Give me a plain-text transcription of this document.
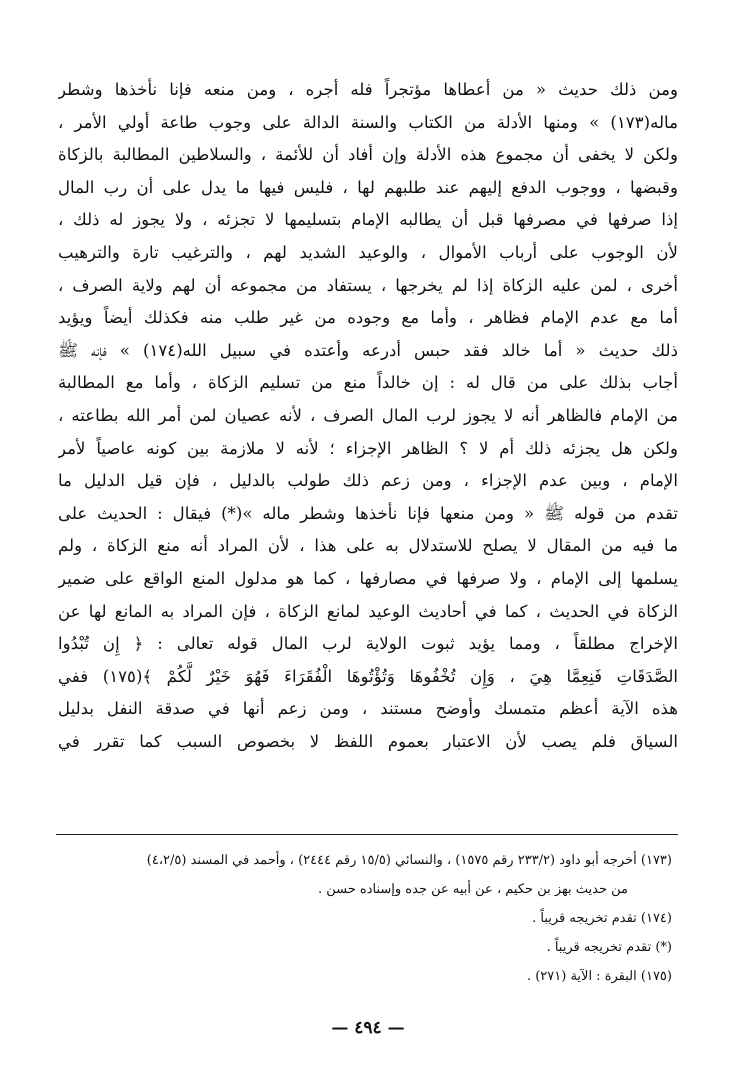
ومن ذلك حديث « من أعطاها مؤتجراً فله أجره ، ومن منعه فإنا نأخذها وشطر
ماله(١٧٣) » ومنها الأدلة من الكتاب والسنة الدالة على وجوب طاعة أولي الأمر ،
ولكن لا يخفى أن مجموع هذه الأدلة وإن أفاد أن للأئمة ، والسلاطين المطالبة بالزكاة
وقبضها ، ووجوب الدفع إليهم عند طلبهم لها ، فليس فيها ما يدل على أن رب المال
إذا صرفها في مصرفها قبل أن يطالبه الإمام بتسليمها لا تجزئه ، ولا يجوز له ذلك ،
لأن الوجوب على أرباب الأموال ، والوعيد الشديد لهم ، والترغيب تارة والترهيب
أخرى ، لمن عليه الزكاة إذا لم يخرجها ، يستفاد من مجموعه أن لهم ولاية الصرف ،
أما مع عدم الإمام فظاهر ، وأما مع وجوده من غير طلب منه فكذلك أيضاً ويؤيد
ذلك حديث « أما خالد فقد حبس أدرعه وأعتده في سبيل الله(١٧٤) » فإنه ﷺ
أجاب بذلك على من قال له : إن خالداً منع من تسليم الزكاة ، وأما مع المطالبة
من الإمام فالظاهر أنه لا يجوز لرب المال الصرف ، لأنه عصيان لمن أمر الله بطاعته ،
ولكن هل يجزئه ذلك أم لا ؟ الظاهر الإجزاء ؛ لأنه لا ملازمة بين كونه عاصياً لأمر
الإمام ، وبين عدم الإجزاء ، ومن زعم ذلك طولب بالدليل ، فإن قيل الدليل ما
تقدم من قوله ﷺ « ومن منعها فإنا نأخذها وشطر ماله »(*) فيقال : الحديث على
ما فيه من المقال لا يصلح للاستدلال به على هذا ، لأن المراد أنه منع الزكاة ، ولم
يسلمها إلى الإمام ، ولا صرفها في مصارفها ، كما هو مدلول المنع الواقع على ضمير
الزكاة في الحديث ، كما في أحاديث الوعيد لمانع الزكاة ، فإن المراد به المانع لها عن
الإخراج مطلقاً ، ومما يؤيد ثبوت الولاية لرب المال قوله تعالى : ﴿ إِن تُبْدُوا
الصَّدَقَاتِ فَنِعِمَّا هِيَ ، وَإِن تُخْفُوهَا وَتُؤْتُوهَا الْفُقَرَاءَ فَهُوَ خَيْرٌ لَّكُمْ ﴾(١٧٥) ففي
هذه الآية أعظم متمسك وأوضح مستند ، ومن زعم أنها في صدقة النفل بدليل
السياق فلم يصب لأن الاعتبار بعموم اللفظ لا بخصوص السبب كما تقرر في
(١٧٣) أخرجه أبو داود (٢٣٣/٢ رقم ١٥٧٥) ، والنسائي (١٥/٥ رقم ٢٤٤٤) ، وأحمد في المسند (٤،٢/٥)
من حديث بهز بن حكيم ، عن أبيه عن جده وإسناده حسن .
(١٧٤) تقدم تخريجه قريباً .
(*) تقدم تخريجه قريباً .
(١٧٥) البقرة : الآية (٢٧١) .
— ٤٩٤ —
